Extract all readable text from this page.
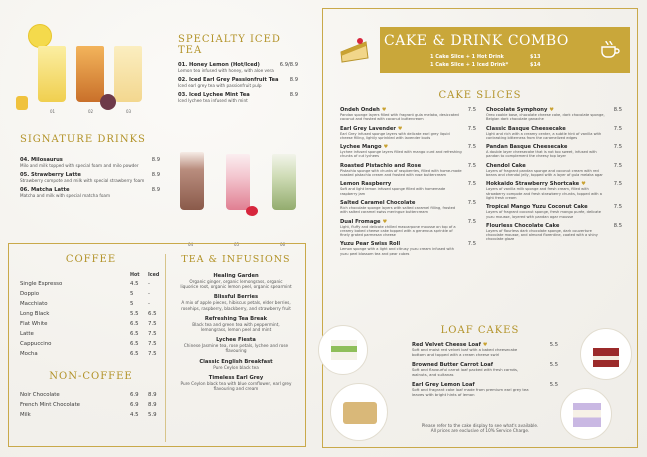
01	02	03
SPECIALTY ICED TEA
01. Honey Lemon (Hot/Iced)	6.9/8.9
Lemon tea infused with honey, with aloe vera
02. Iced Earl Grey Passionfruit Tea	8.9
Iced earl grey tea with passionfruit pulp
03. Iced Lychee Mint Tea	8.9
Iced lychee tea infused with mint
SIGNATURE DRINKS
04. Milosaurus	8.9
Milo and milk topped with special foam and milo powder
05. Strawberry Latte	8.9
Strawberry compote and milk with special strawberry foam
06. Matcha Latte	8.9
Matcha and milk with special matcha foam
04	05	06
COFFEE
Hot Iced
Single Espresso	4.5 -
Doppio	5	-
Macchiato	5	-
Long Black	5.5 6.5
Flat White	6.5 7.5
Latte	6.5 7.5
Cappuccino	6.5 7.5
Mocha	6.5 7.5
NON-COFFEE
Noir Chocolate	6.9 8.9
French Mint Chocolate	6.9 8.9
Milk	4.5 5.9
TEA & INFUSIONS
Healing Garden
Organic ginger, organic lemongrass, organic liquorice root, organic lemon peel, organic spearmint
Blissful Berries
A mix of apple pieces, hibiscus petals, elder berries, rosehips, raspberry, blackberry, and strawberry fruit
Refreshing Tea Break
Black tea and green tea with peppermint, lemongrass, lemon peel and mint
Lychee Fiesta
Chinese Jasmine tea, rose petals, lychee and rose flavouring
Classic English Breakfast
Pure Ceylon black tea
Timeless Earl Grey
Pure Ceylon black tea with blue cornflower, earl grey flavouring and cream
CAKE & DRINK COMBO
1 Cake Slice + 1 Hot Drink	$13
1 Cake Slice + 1 Iced Drink*	$14
CAKE SLICES
Ondeh Ondeh ♥	7.5
Pandan sponge layers filled with fragrant gula melaka, desiccated coconut and frosted with coconut buttercream
Earl Grey Lavender ♥	7.5
Earl Grey infused sponge layers with delicate earl grey liquid cheese filling, lightly sprinkled with lavender buds
Lychee Mango ♥	7.5
Lychee infused sponge layers filled with mango curd and refreshing chunks of cut lychees
Roasted Pistachio and Rose	7.5
Pistachio sponge with chunks of raspberries, filled with home-made roasted pistachio cream and frosted with rose buttercream
Lemon Raspberry	7.5
Soft and light lemon infused sponge filled with homemade raspberry jam
Salted Caramel Chocolate	7.5
Rich chocolate sponge layers with salted caramel filling, frosted with salted caramel swiss meringue buttercream
Dual Fromage ♥	7.5
Light, fluffy and delicate chilled mascarpone mousse on top of a creamy baked cheese cake topped with a generous sprinkle of finely grated parmesan cheese
Yuzu Pear Swiss Roll	7.5
Lemon sponge with a light and citrusy yuzu cream infused with yuzu peel blossom tea and pear cubes
Chocolate Symphony ♥	8.5
Oreo cookie base, chocolate cheese cake, dark chocolate sponge, Belgian dark chocolate ganache
Classic Basque Cheesecake	7.5
Light and rich with a creamy center, a subtle hint of vanilla with contrasting bitterness from the caramelized edges
Pandan Basque Cheesecake	7.5
A double layer cheesecake that is not too sweet, infused with pandan to complement the cheesy top layer
Chendol Cake	7.5
Layers of fragrant pandan sponge and coconut cream with red beans and chendol jelly, topped with a layer of gula melaka agar
Hokkaido Strawberry Shortcake ♥	7.5
Layers of vanilla milk sponge and fresh cream, filled with strawberry compote and fresh strawberry chunks, topped with a light fresh cream
Tropical Mango Yuzu Coconut Cake	7.5
Layers of fragrant coconut sponge, fresh mango purée, delicate yuzu mousse, layered with pandan agar mousse
Flourless Chocolate Cake	8.5
Layers of flourless dark chocolate sponge, dark couverture chocolate mousse, and almond florentine, coated with a shiny chocolate glaze
LOAF CAKES
Red Velvet Cheese Loaf ♥	5.5
Soft and moist red velvet loaf with a baked cheesecake bottom and topped with a cream cheese swirl
Browned Butter Carrot Loaf	5.5
Soft and flavourful carrot loaf packed with fresh carrots, walnuts, and sultanas
Earl Grey Lemon Loaf	5.5
Soft and fragrant cake loaf made from premium earl grey tea leaves with bright hints of lemon
Please refer to the cake display to see what's available.
All prices are exclusive of 10% Service Charge.
